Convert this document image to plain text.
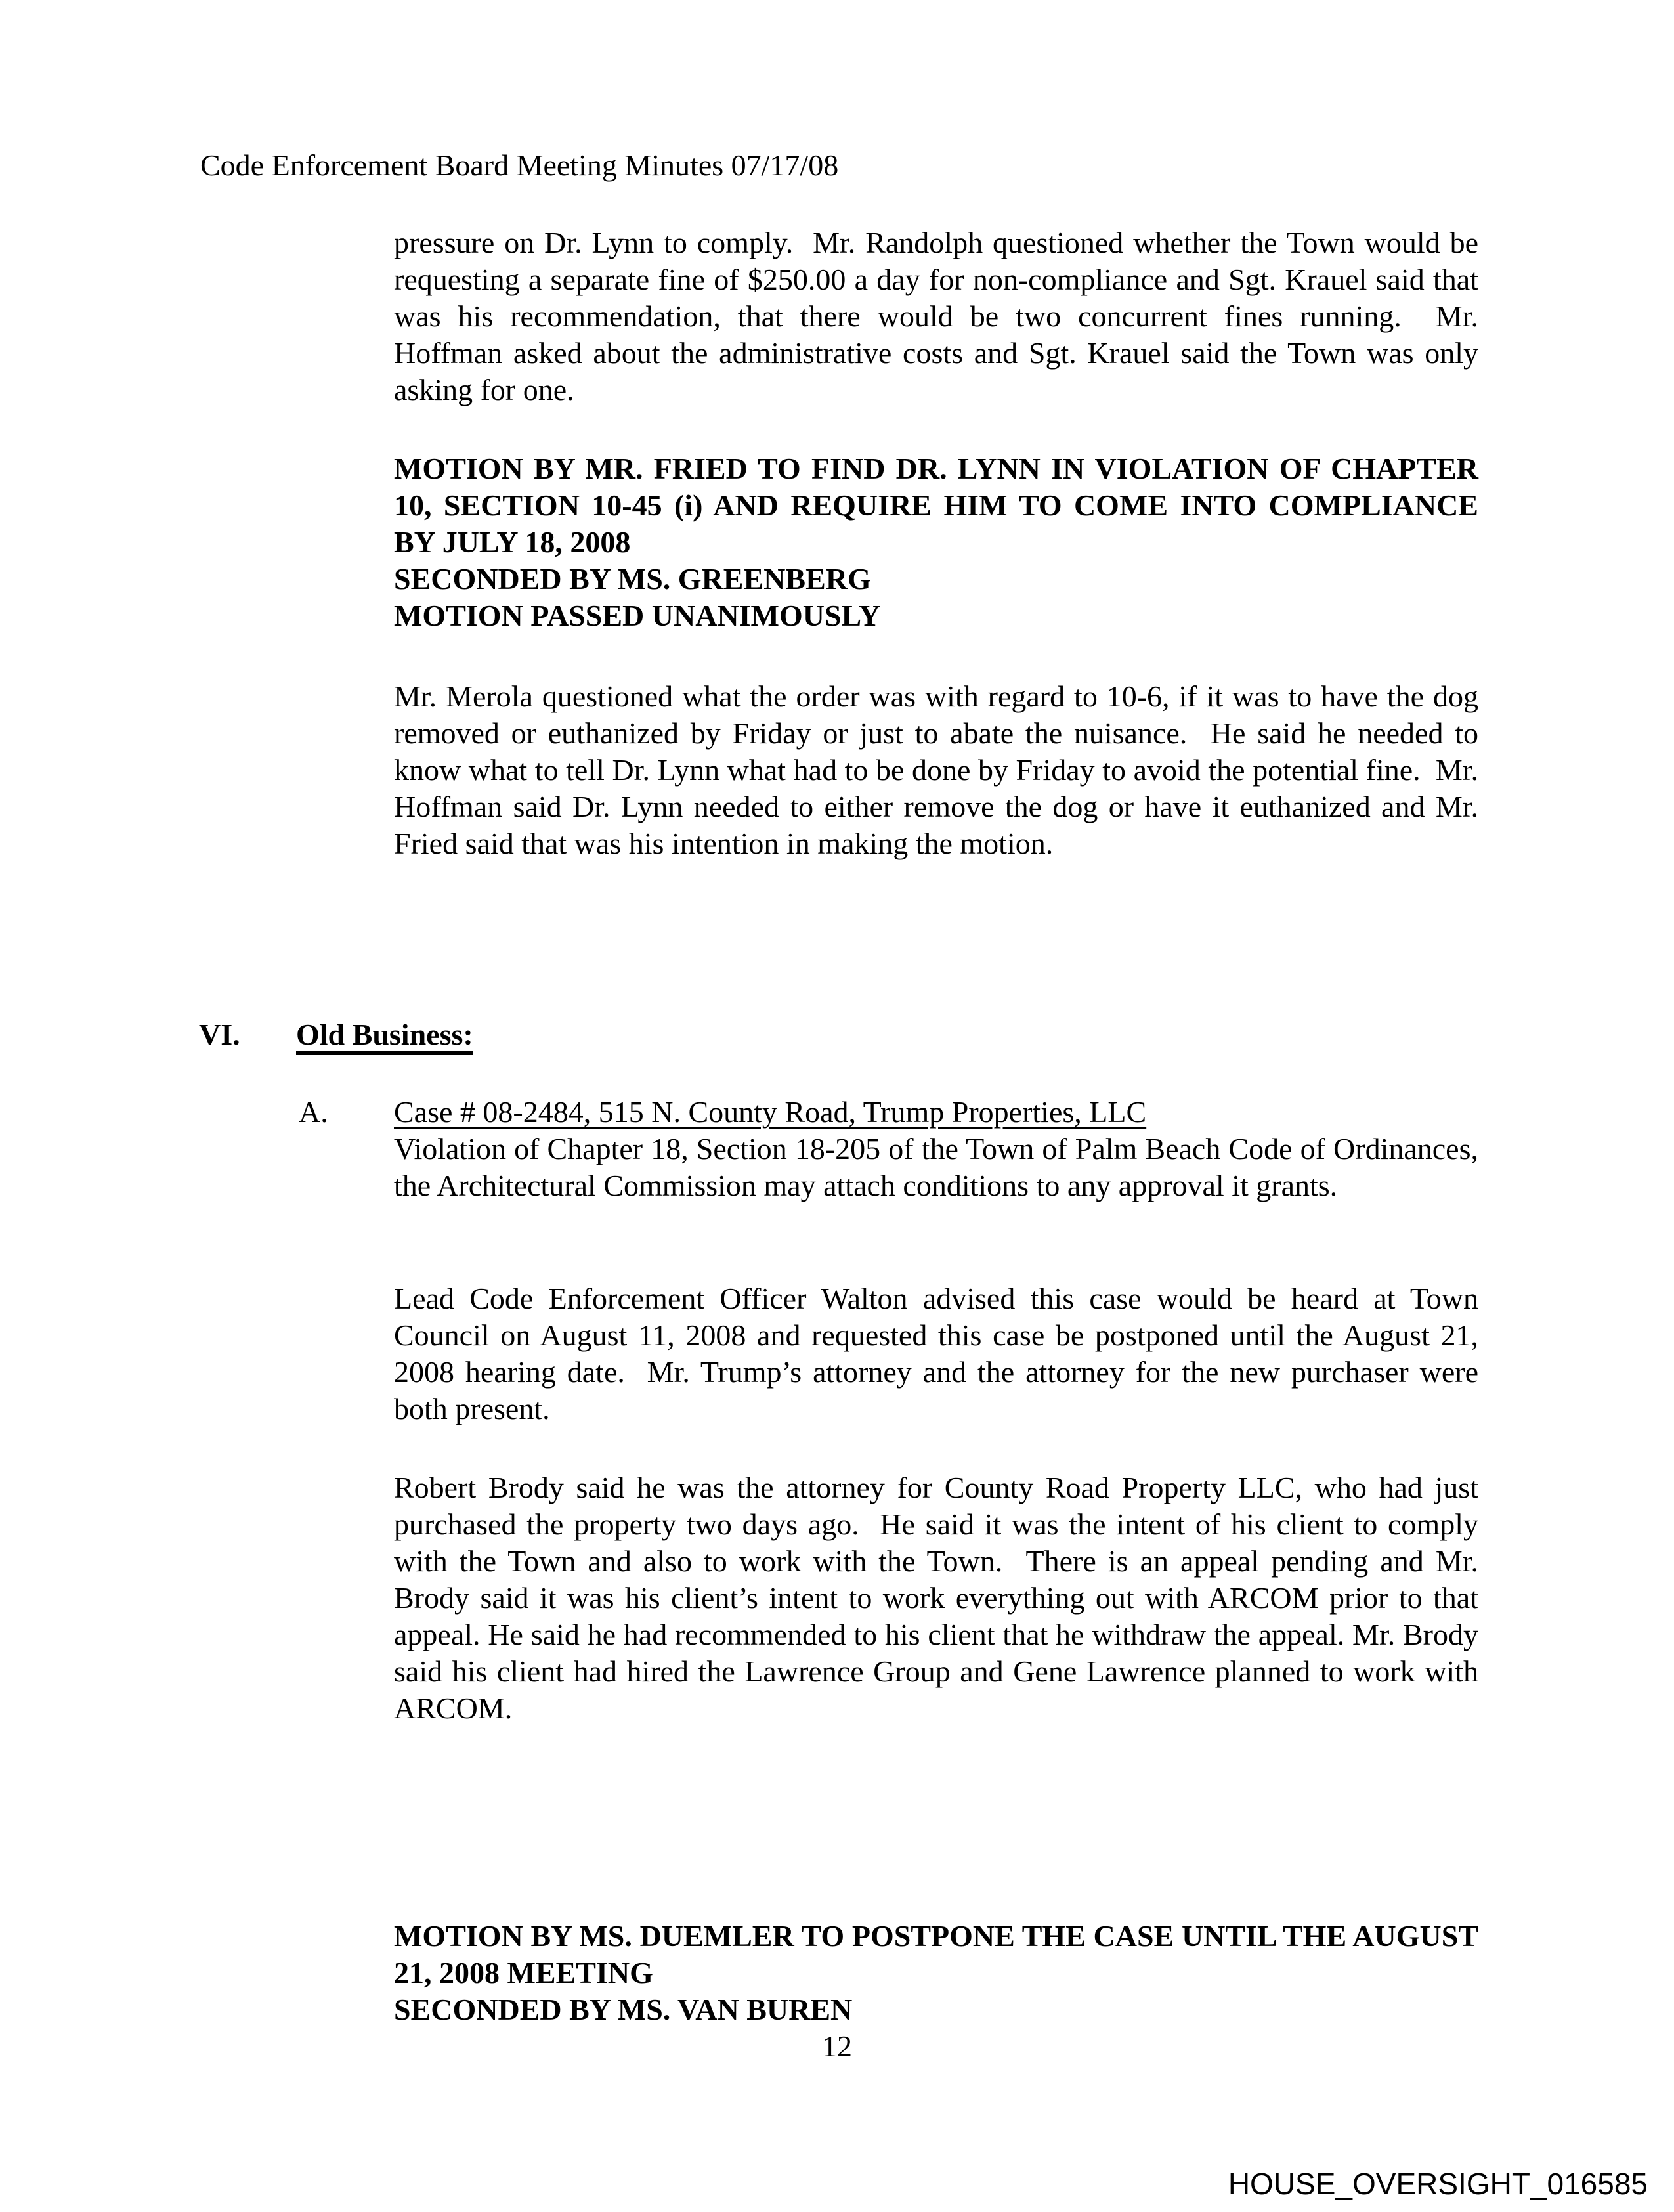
Code Enforcement Board Meeting Minutes 07/17/08
pressure on Dr. Lynn to comply.  Mr. Randolph questioned whether the Town would be requesting a separate fine of $250.00 a day for non-compliance and Sgt. Krauel said that was his recommendation, that there would be two concurrent fines running.  Mr. Hoffman asked about the administrative costs and Sgt. Krauel said the Town was only asking for one.

MOTION BY MR. FRIED TO FIND DR. LYNN IN VIOLATION OF CHAPTER 10, SECTION 10-45 (i) AND REQUIRE HIM TO COME INTO COMPLIANCE BY JULY 18, 2008

SECONDED BY MS. GREENBERG

MOTION PASSED UNANIMOUSLY

Mr. Merola questioned what the order was with regard to 10-6, if it was to have the dog removed or euthanized by Friday or just to abate the nuisance.  He said he needed to know what to tell Dr. Lynn what had to be done by Friday to avoid the potential fine.  Mr. Hoffman said Dr. Lynn needed to either remove the dog or have it euthanized and Mr. Fried said that was his intention in making the motion.
VI. Old Business:
A. Case # 08-2484, 515 N. County Road, Trump Properties, LLC
Violation of Chapter 18, Section 18-205 of the Town of Palm Beach Code of Ordinances, the Architectural Commission may attach conditions to any approval it grants.
Lead Code Enforcement Officer Walton advised this case would be heard at Town Council on August 11, 2008 and requested this case be postponed until the August 21, 2008 hearing date.  Mr. Trump’s attorney and the attorney for the new purchaser were both present.
Robert Brody said he was the attorney for County Road Property LLC, who had just purchased the property two days ago.  He said it was the intent of his client to comply with the Town and also to work with the Town.  There is an appeal pending and Mr. Brody said it was his client’s intent to work everything out with ARCOM prior to that appeal. He said he had recommended to his client that he withdraw the appeal. Mr. Brody said his client had hired the Lawrence Group and Gene Lawrence planned to work with ARCOM.

MOTION BY MS. DUEMLER TO POSTPONE THE CASE UNTIL THE AUGUST 21, 2008 MEETING

SECONDED BY MS. VAN BUREN

12
HOUSE_OVERSIGHT_016585
